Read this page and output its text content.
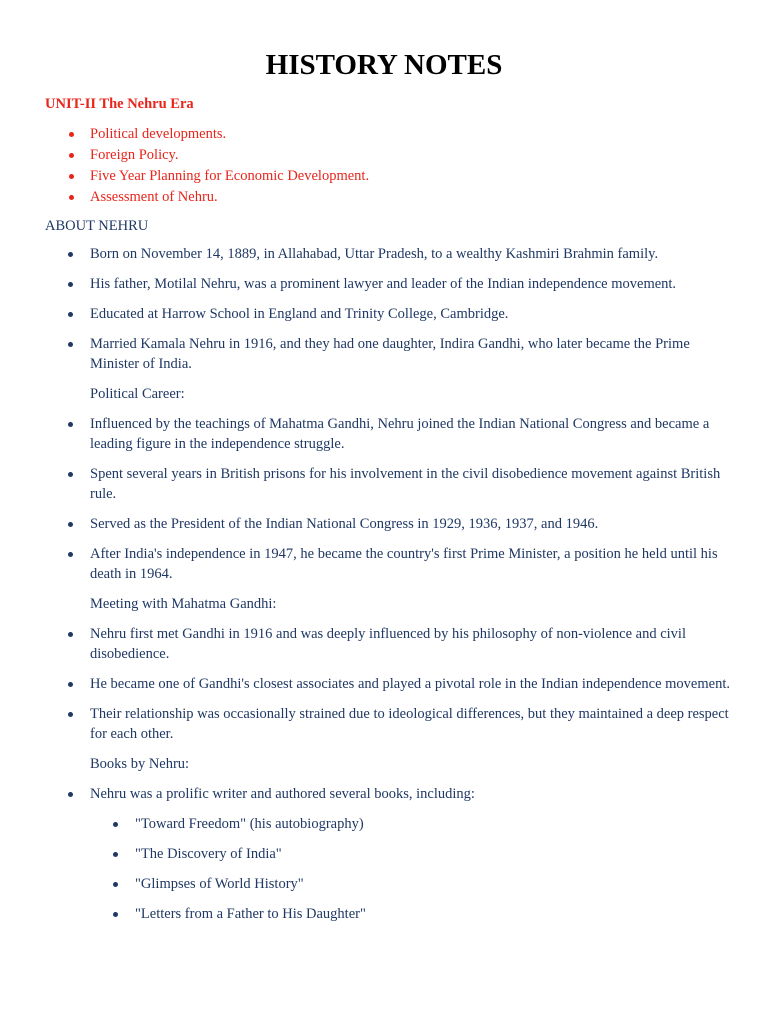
HISTORY NOTES
UNIT-II The Nehru Era
Political developments.
Foreign Policy.
Five Year Planning for Economic Development.
Assessment of Nehru.
ABOUT NEHRU
Born on November 14, 1889, in Allahabad, Uttar Pradesh, to a wealthy Kashmiri Brahmin family.
His father, Motilal Nehru, was a prominent lawyer and leader of the Indian independence movement.
Educated at Harrow School in England and Trinity College, Cambridge.
Married Kamala Nehru in 1916, and they had one daughter, Indira Gandhi, who later became the Prime Minister of India.
Political Career:
Influenced by the teachings of Mahatma Gandhi, Nehru joined the Indian National Congress and became a leading figure in the independence struggle.
Spent several years in British prisons for his involvement in the civil disobedience movement against British rule.
Served as the President of the Indian National Congress in 1929, 1936, 1937, and 1946.
After India's independence in 1947, he became the country's first Prime Minister, a position he held until his death in 1964.
Meeting with Mahatma Gandhi:
Nehru first met Gandhi in 1916 and was deeply influenced by his philosophy of non-violence and civil disobedience.
He became one of Gandhi's closest associates and played a pivotal role in the Indian independence movement.
Their relationship was occasionally strained due to ideological differences, but they maintained a deep respect for each other.
Books by Nehru:
Nehru was a prolific writer and authored several books, including:
"Toward Freedom" (his autobiography)
"The Discovery of India"
"Glimpses of World History"
"Letters from a Father to His Daughter"
